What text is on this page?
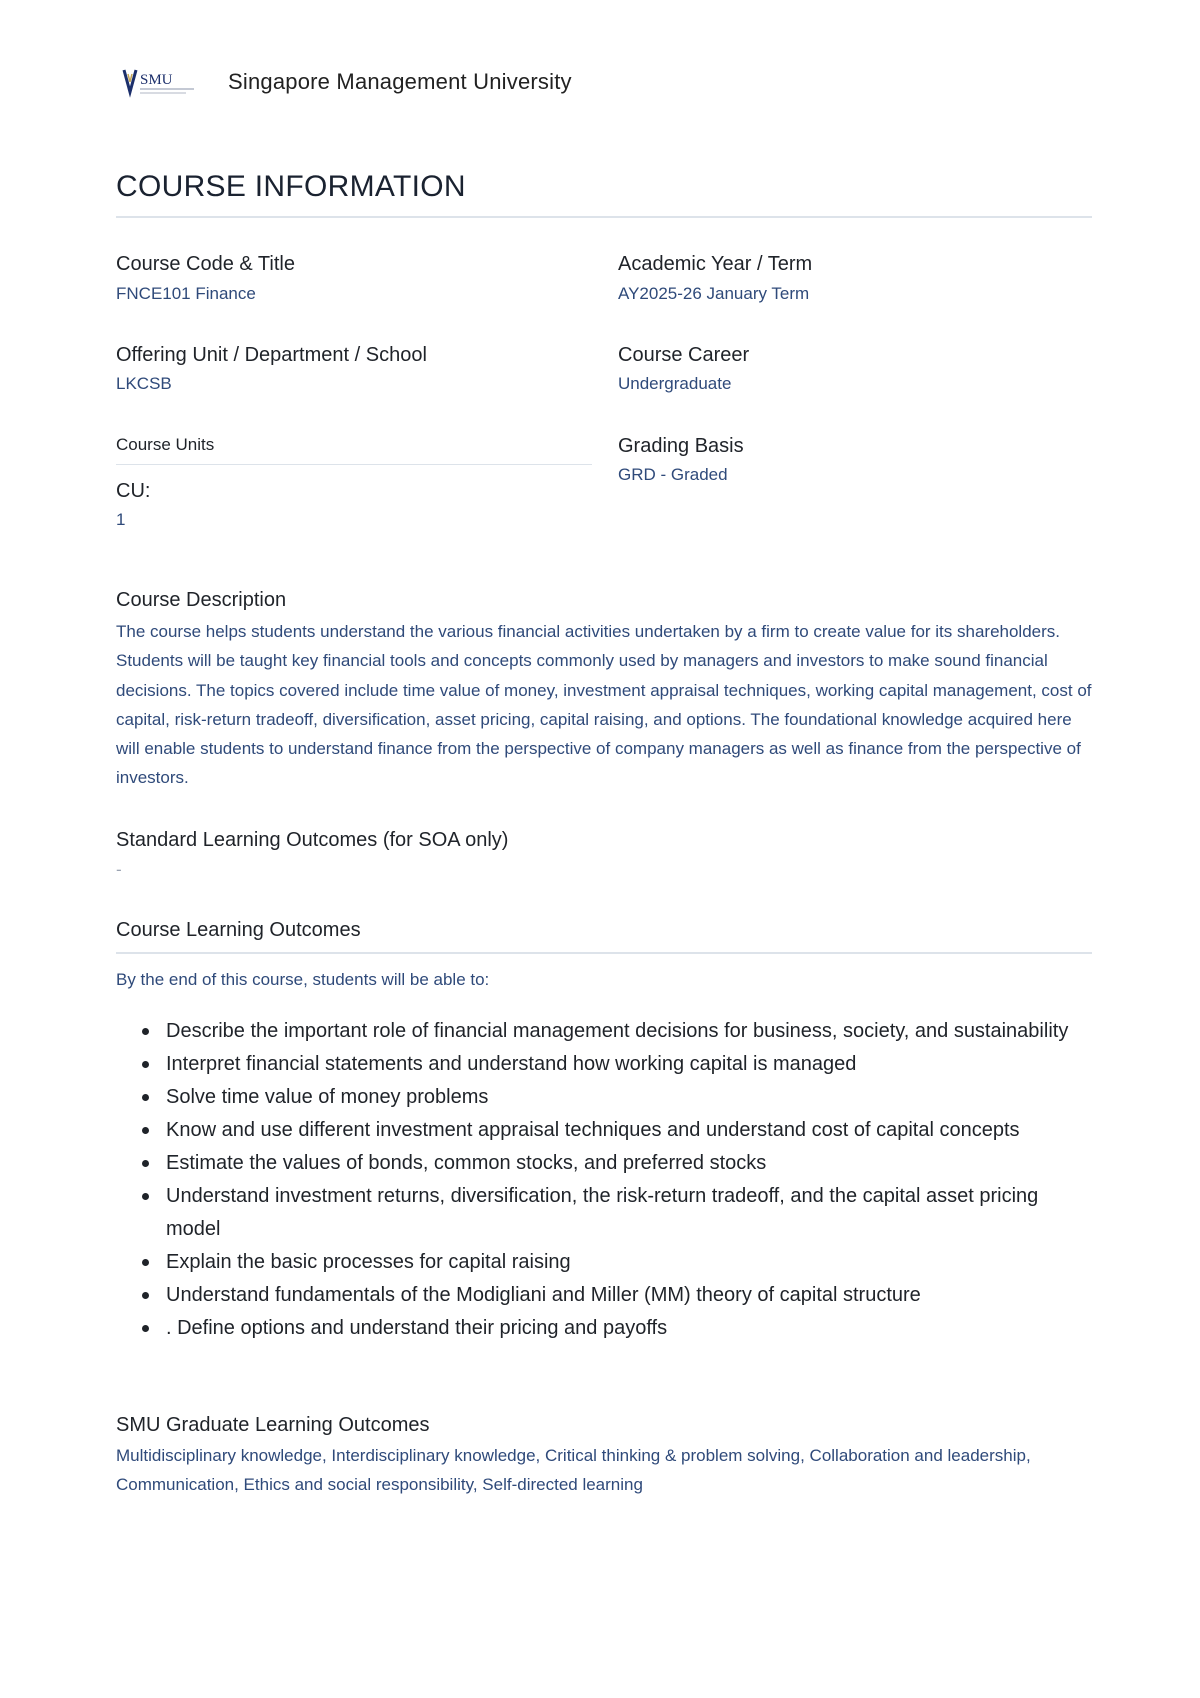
SMU	Singapore Management University
COURSE INFORMATION
Course Code & Title
FNCE101 Finance
Academic Year / Term
AY2025-26 January Term
Offering Unit / Department / School
LKCSB
Course Career
Undergraduate
Course Units
CU:
1
Grading Basis
GRD - Graded
Course Description

The course helps students understand the various financial activities undertaken by a firm to create value for its shareholders. Students will be taught key financial tools and concepts commonly used by managers and investors to make sound financial decisions. The topics covered include time value of money, investment appraisal techniques, working capital management, cost of capital, risk-return tradeoff, diversification, asset pricing, capital raising, and options. The foundational knowledge acquired here will enable students to understand finance from the perspective of company managers as well as finance from the perspective of investors.

Standard Learning Outcomes (for SOA only)
-
Course Learning Outcomes
By the end of this course, students will be able to:
Describe the important role of financial management decisions for business, society, and sustainability
Interpret financial statements and understand how working capital is managed
Solve time value of money problems
Know and use different investment appraisal techniques and understand cost of capital concepts
Estimate the values of bonds, common stocks, and preferred stocks
Understand investment returns, diversification, the risk-return tradeoff, and the capital asset pricing model
Explain the basic processes for capital raising
Understand fundamentals of the Modigliani and Miller (MM) theory of capital structure
. Define options and understand their pricing and payoffs
SMU Graduate Learning Outcomes

Multidisciplinary knowledge, Interdisciplinary knowledge, Critical thinking & problem solving, Collaboration and leadership, Communication, Ethics and social responsibility, Self-directed learning
